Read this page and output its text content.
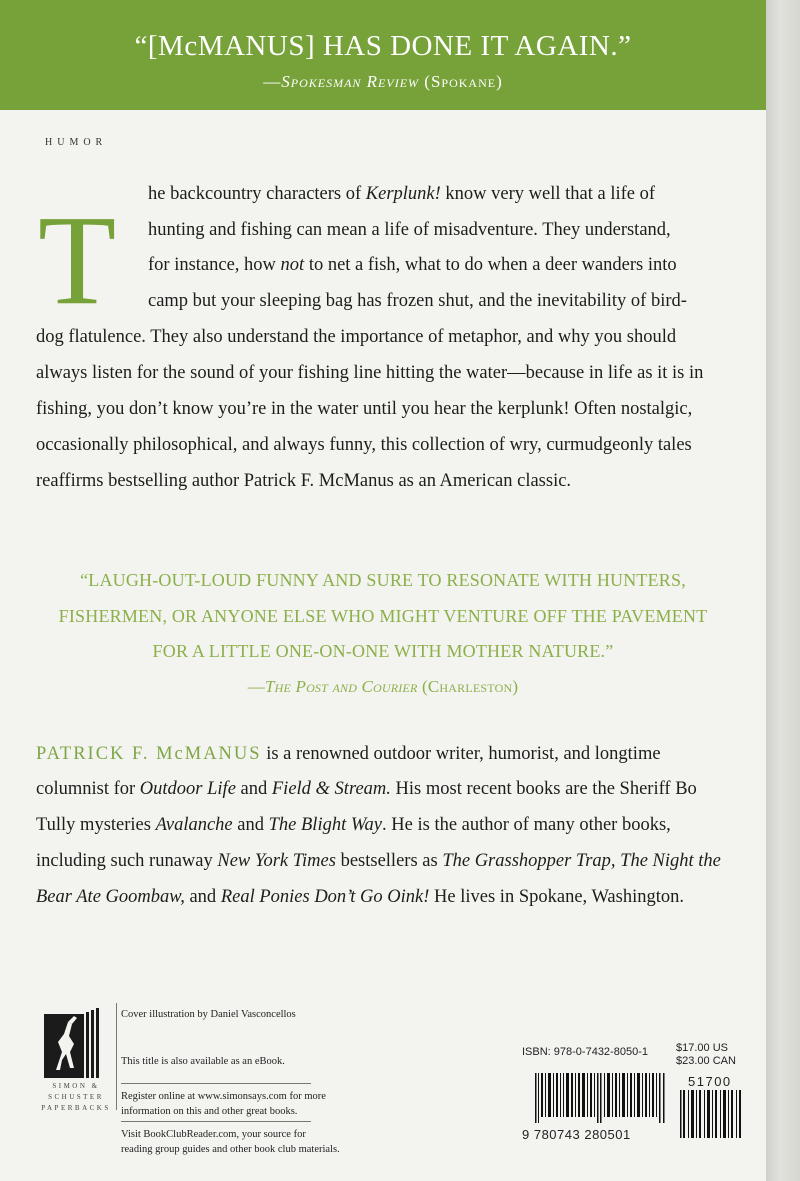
“[McMANUS] HAS DONE IT AGAIN.”
—Spokesman Review (Spokane)
HUMOR
T he backcountry characters of Kerplunk! know very well that a life of
hunting and fishing can mean a life of misadventure. They understand,
for instance, how not to net a fish, what to do when a deer wanders into
camp but your sleeping bag has frozen shut, and the inevitability of bird-
dog flatulence. They also understand the importance of metaphor, and why you should
always listen for the sound of your fishing line hitting the water—because in life as it is in
fishing, you don’t know you’re in the water until you hear the kerplunk! Often nostalgic,
occasionally philosophical, and always funny, this collection of wry, curmudgeonly tales
reaffirms bestselling author Patrick F. McManus as an American classic.
“LAUGH-OUT-LOUD FUNNY AND SURE TO RESONATE WITH HUNTERS,
FISHERMEN, OR ANYONE ELSE WHO MIGHT VENTURE OFF THE PAVEMENT
FOR A LITTLE ONE-ON-ONE WITH MOTHER NATURE.”
—The Post and Courier (Charleston)
PATRICK F. McMANUS is a renowned outdoor writer, humorist, and longtime
columnist for Outdoor Life and Field & Stream. His most recent books are the Sheriff Bo
Tully mysteries Avalanche and The Blight Way. He is the author of many other books,
including such runaway New York Times bestsellers as The Grasshopper Trap, The Night the
Bear Ate Goombaw, and Real Ponies Don’t Go Oink! He lives in Spokane, Washington.
SIMON &
SCHUSTER
PAPERBACKS
Cover illustration by Daniel Vasconcellos
This title is also available as an eBook.
Register online at www.simonsays.com for more
information on this and other great books.
Visit BookClubReader.com, your source for
reading group guides and other book club materials.
ISBN: 978-0-7432-8050-1	$17.00 US
$23.00 CAN
9 780743 280501
51700
